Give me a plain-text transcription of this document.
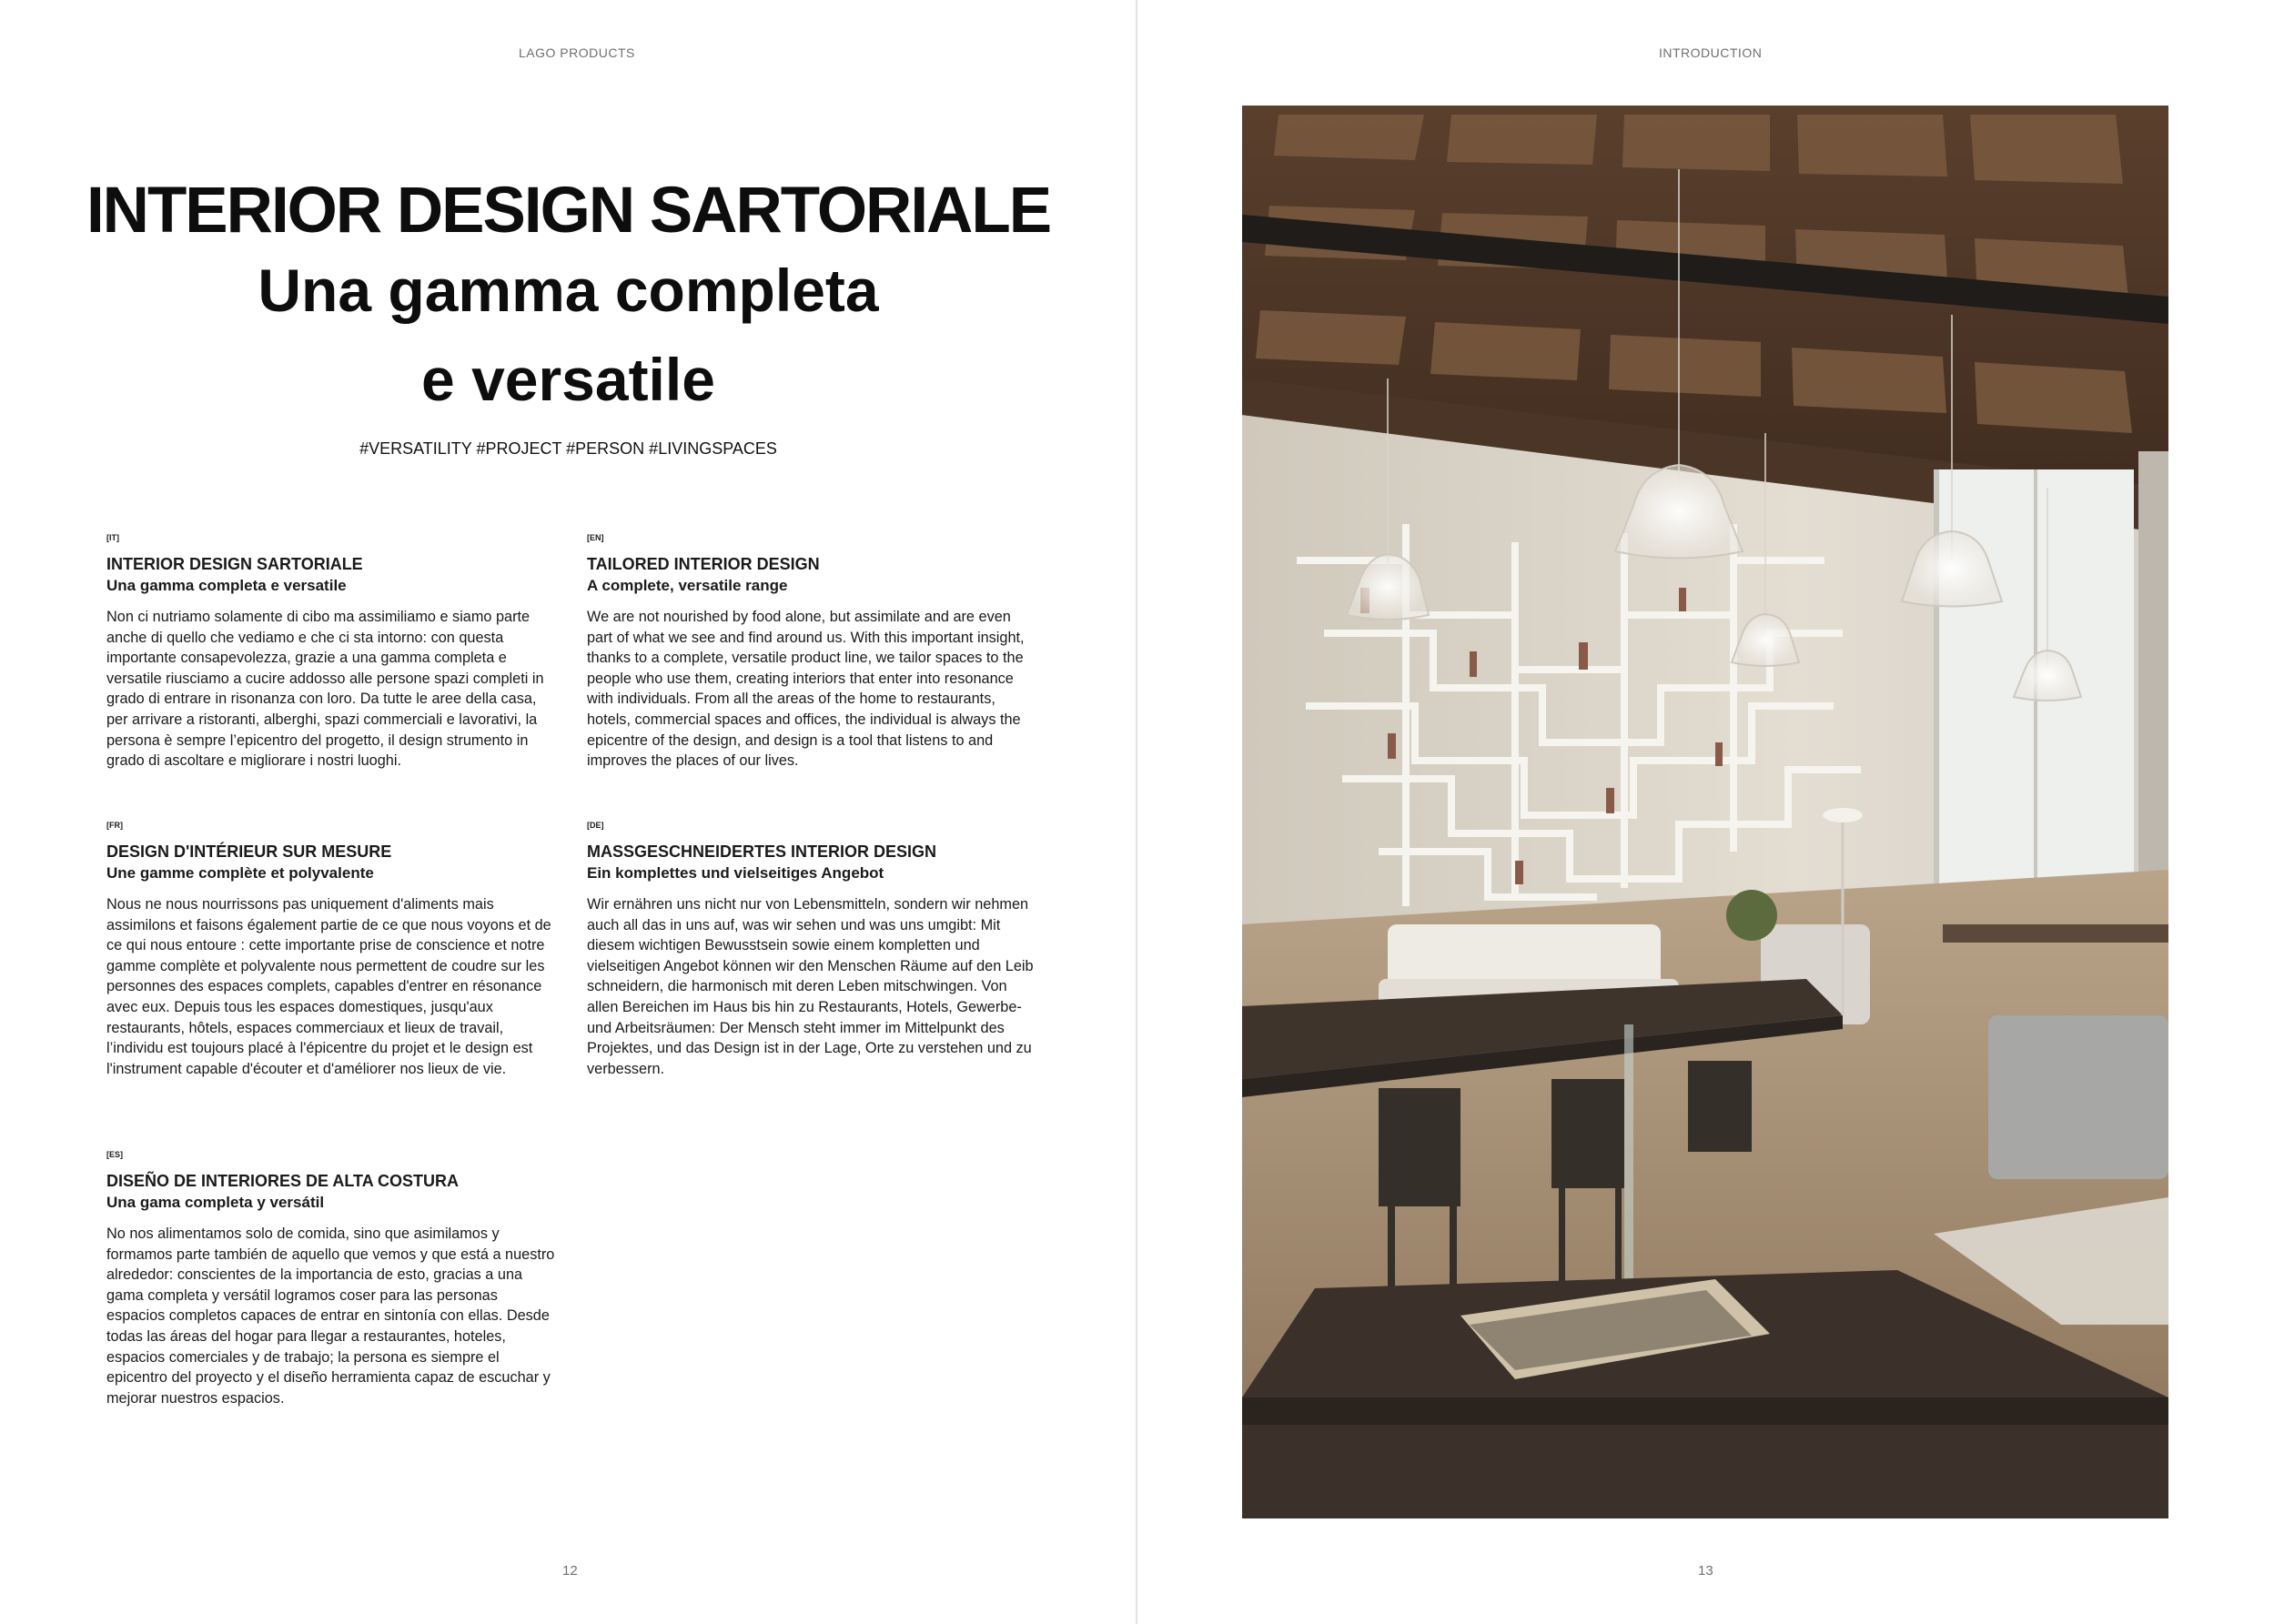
LAGO PRODUCTS
INTERIOR DESIGN SARTORIALE
Una gamma completa
e versatile
#VERSATILITY #PROJECT #PERSON #LIVINGSPACES
[IT]
INTERIOR DESIGN SARTORIALE
Una gamma completa e versatile
Non ci nutriamo solamente di cibo ma assimiliamo e siamo parte anche di quello che vediamo e che ci sta intorno: con questa importante consapevolezza, grazie a una gamma completa e versatile riusciamo a cucire addosso alle persone spazi completi in grado di entrare in risonanza con loro. Da tutte le aree della casa, per arrivare a ristoranti, alberghi, spazi commerciali e lavorativi, la persona è sempre l’epicentro del progetto, il design strumento in grado di ascoltare e migliorare i nostri luoghi.
[EN]
TAILORED INTERIOR DESIGN
A complete, versatile range
We are not nourished by food alone, but assimilate and are even part of what we see and find around us. With this important insight, thanks to a complete, versatile product line, we tailor spaces to the people who use them, creating interiors that enter into resonance with individuals. From all the areas of the home to restaurants, hotels, commercial spaces and offices, the individual is always the epicentre of the design, and design is a tool that listens to and improves the places of our lives.
[FR]
DESIGN D'INTÉRIEUR SUR MESURE
Une gamme complète et polyvalente
Nous ne nous nourrissons pas uniquement d'aliments mais assimilons et faisons également partie de ce que nous voyons et de ce qui nous entoure : cette importante prise de conscience et notre gamme complète et polyvalente nous permettent de coudre sur les personnes des espaces complets, capables d'entrer en résonance avec eux. Depuis tous les espaces domestiques, jusqu'aux restaurants, hôtels, espaces commerciaux et lieux de travail, l’individu est toujours placé à l'épicentre du projet et le design est l'instrument capable d'écouter et d'améliorer nos lieux de vie.
[DE]
MASSGESCHNEIDERTES INTERIOR DESIGN
Ein komplettes und vielseitiges Angebot
Wir ernähren uns nicht nur von Lebensmitteln, sondern wir nehmen auch all das in uns auf, was wir sehen und was uns umgibt: Mit diesem wichtigen Bewusstsein sowie einem kompletten und vielseitigen Angebot können wir den Menschen Räume auf den Leib schneidern, die harmonisch mit deren Leben mitschwingen. Von allen Bereichen im Haus bis hin zu Restaurants, Hotels, Gewerbe- und Arbeitsräumen: Der Mensch steht immer im Mittelpunkt des Projektes, und das Design ist in der Lage, Orte zu verstehen und zu verbessern.
[ES]
DISEÑO DE INTERIORES DE ALTA COSTURA
Una gama completa y versátil
No nos alimentamos solo de comida, sino que asimilamos y formamos parte también de aquello que vemos y que está a nuestro alrededor: conscientes de la importancia de esto, gracias a una gama completa y versátil logramos coser para las personas espacios completos capaces de entrar en sintonía con ellas. Desde todas las áreas del hogar para llegar a restaurantes, hoteles, espacios comerciales y de trabajo; la persona es siempre el epicentro del proyecto y el diseño herramienta capaz de escuchar y mejorar nuestros espacios.
12
INTRODUCTION
13
